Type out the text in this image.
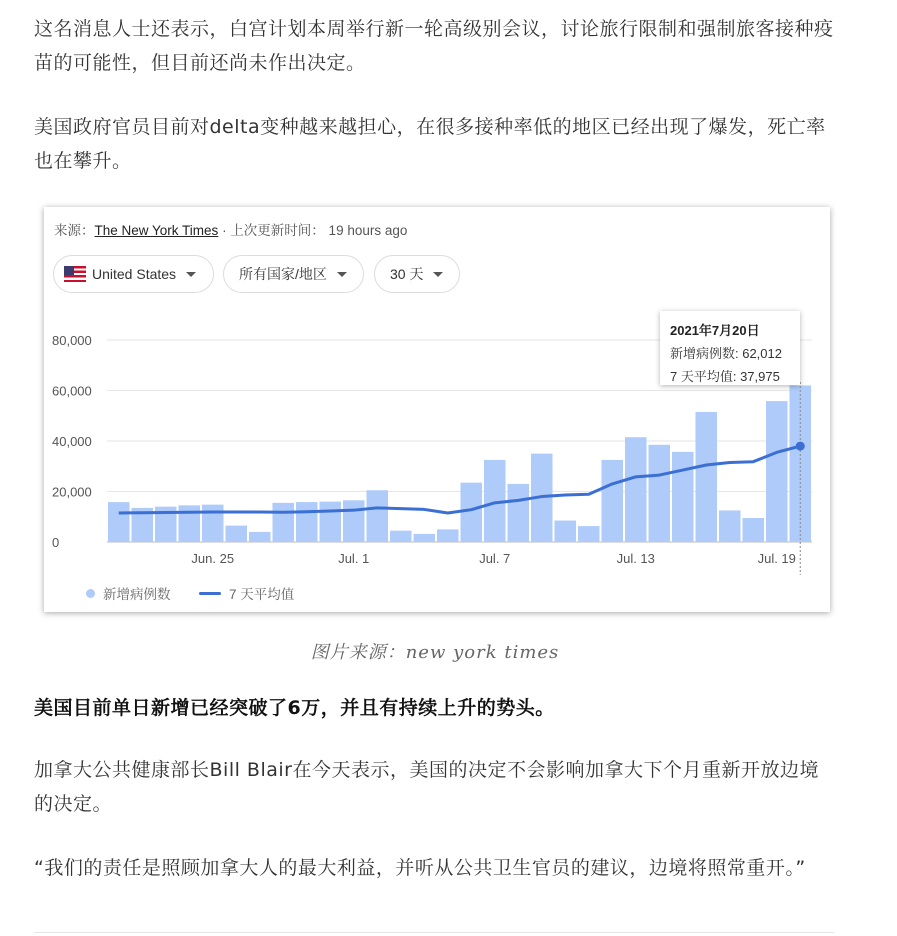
这名消息人士还表示，白宫计划本周举行新一轮高级别会议，讨论旅行限制和强制旅客接种疫苗的可能性，但目前还尚未作出决定。

美国政府官员目前对delta变种越来越担心，在很多接种率低的地区已经出现了爆发，死亡率也在攀升。

来源：The New York Times · 上次更新时间： 19 hours ago
United States	所有国家/地区	30 天
0
20,000
40,000
60,000
80,000
Jun. 25	Jul. 1	Jul. 7	Jul. 13	Jul. 19
2021年7月20日
新增病例数: 62,012
7 天平均值: 37,975
新增病例数	7 天平均值
图片来源：new york times

美国目前单日新增已经突破了6万，并且有持续上升的势头。

加拿大公共健康部长Bill Blair在今天表示，美国的决定不会影响加拿大下个月重新开放边境的决定。

“我们的责任是照顾加拿大人的最大利益，并听从公共卫生官员的建议，边境将照常重开。”
